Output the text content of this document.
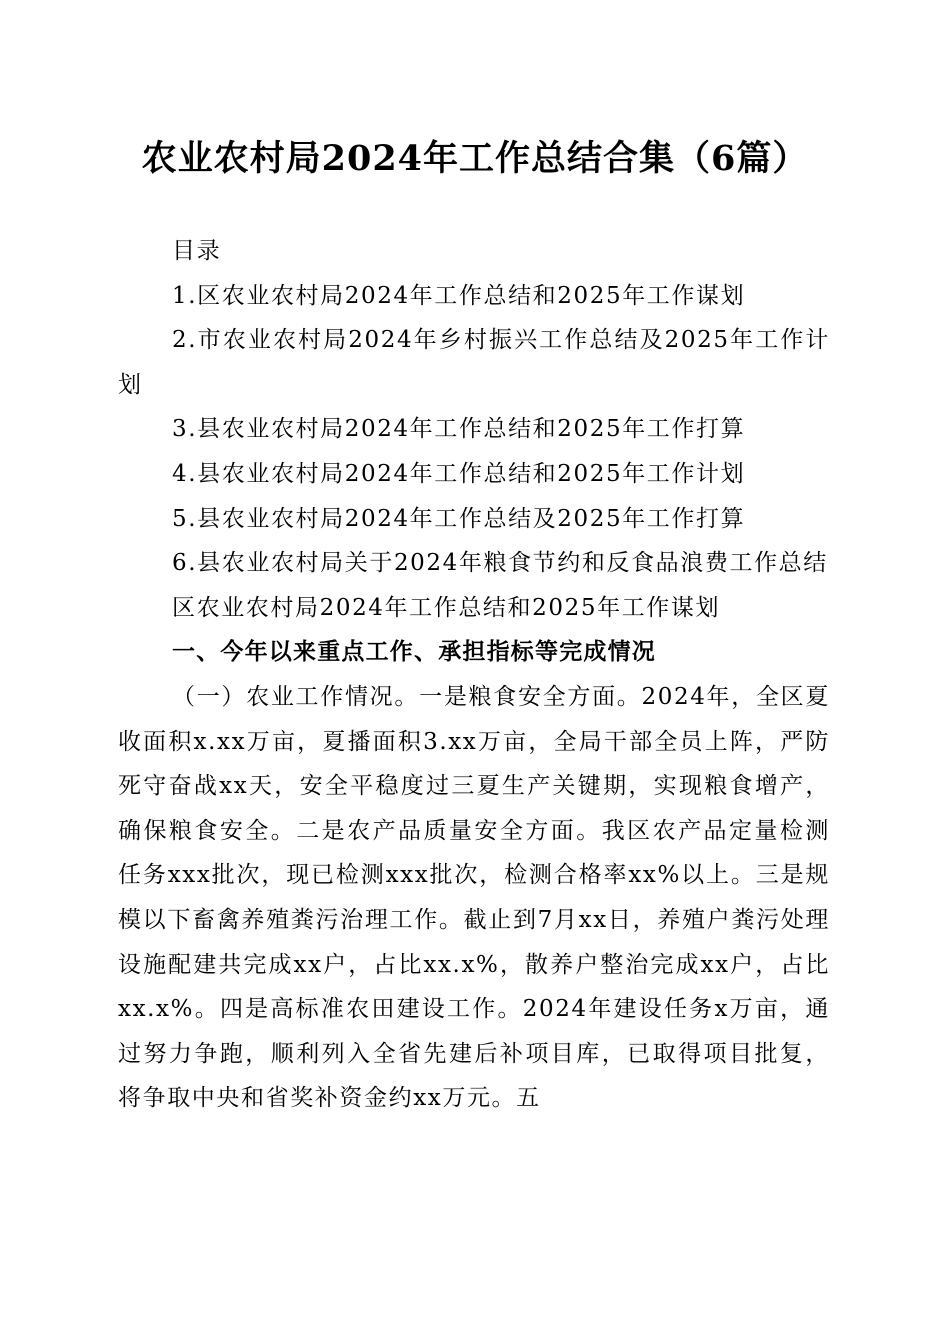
农业农村局2024年工作总结合集（6篇）

目录

1.区农业农村局2024年工作总结和2025年工作谋划

2.市农业农村局2024年乡村振兴工作总结及2025年工作计划

3.县农业农村局2024年工作总结和2025年工作打算

4.县农业农村局2024年工作总结和2025年工作计划

5.县农业农村局2024年工作总结及2025年工作打算

6.县农业农村局关于2024年粮食节约和反食品浪费工作总结

区农业农村局2024年工作总结和2025年工作谋划

一、今年以来重点工作、承担指标等完成情况

（一）农业工作情况。一是粮食安全方面。2024年，全区夏收面积x.xx万亩，夏播面积3.xx万亩，全局干部全员上阵，严防死守奋战xx天，安全平稳度过三夏生产关键期，实现粮食增产，确保粮食安全。二是农产品质量安全方面。我区农产品定量检测任务xxx批次，现已检测xxx批次，检测合格率xx%以上。三是规模以下畜禽养殖粪污治理工作。截止到7月xx日，养殖户粪污处理设施配建共完成xx户，占比xx.x%，散养户整治完成xx户，占比xx.x%。四是高标准农田建设工作。2024年建设任务x万亩，通过努力争跑，顺利列入全省先建后补项目库，已取得项目批复，将争取中央和省奖补资金约xx万元。五
